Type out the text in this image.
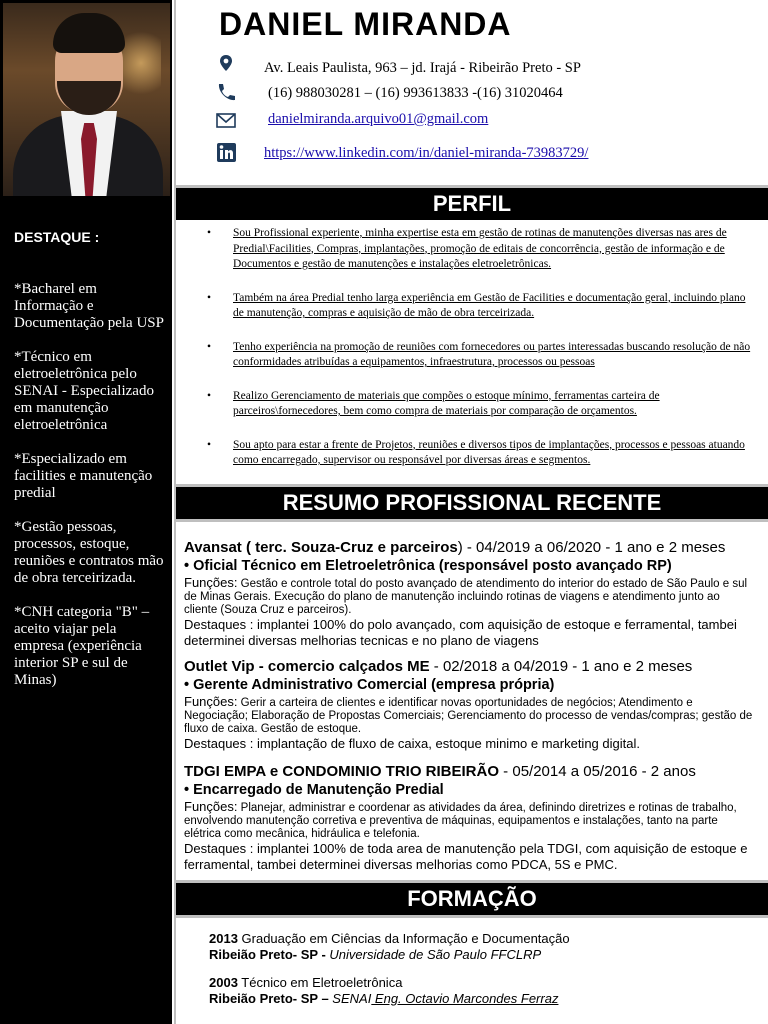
DESTAQUE :
*Bacharel em Informação e Documentação pela USP
*Técnico em eletroeletrônica pelo SENAI - Especializado em manutenção eletroeletrônica
*Especializado em facilities e manutenção predial
*Gestão pessoas, processos, estoque, reuniões e contratos mão de obra terceirizada.
*CNH categoria "B" – aceito viajar pela empresa (experiência interior SP e sul de Minas)
DANIEL MIRANDA
Av. Leais Paulista, 963 – jd. Irajá - Ribeirão Preto - SP
(16) 988030281 – (16) 993613833 -(16) 31020464
danielmiranda.arquivo01@gmail.com
https://www.linkedin.com/in/daniel-miranda-73983729/
PERFIL
• Sou Profissional experiente, minha expertise esta em gestão de rotinas de manutenções diversas nas ares de Predial\Facilities, Compras, implantações, promoção de editais de concorrência, gestão de informação e de Documentos e gestão de manutenções e instalações eletroeletrônicas.
• Também na área Predial tenho larga experiência em Gestão de Facilities e documentação geral, incluindo plano de manutenção, compras e aquisição de mão de obra terceirizada.
• Tenho experiência na promoção de reuniões com fornecedores ou partes interessadas buscando resolução de não conformidades atribuídas a equipamentos, infraestrutura, processos ou pessoas
• Realizo Gerenciamento de materiais que compões o estoque mínimo, ferramentas carteira de parceiros\fornecedores, bem como compra de materiais por comparação de orçamentos.
• Sou apto para estar a frente de Projetos, reuniões e diversos tipos de implantações, processos e pessoas atuando como encarregado, supervisor ou responsável por diversas áreas e segmentos.
RESUMO PROFISSIONAL RECENTE
Avansat ( terc. Souza-Cruz e parceiros) - 04/2019 a 06/2020 - 1 ano e 2 meses
• Oficial Técnico em Eletroeletrônica (responsável posto avançado RP)
Funções: Gestão e controle total do posto avançado de atendimento do interior do estado de São Paulo e sul de Minas Gerais. Execução do plano de manutenção incluindo rotinas de viagens e atendimento junto ao cliente (Souza Cruz e parceiros).
Destaques : implantei 100% do polo avançado, com aquisição de estoque e ferramental, tambei determinei diversas melhorias tecnicas e no plano de viagens
Outlet Vip - comercio calçados ME - 02/2018 a 04/2019 - 1 ano e 2 meses
• Gerente Administrativo Comercial (empresa própria)
Funções: Gerir a carteira de clientes e identificar novas oportunidades de negócios; Atendimento e Negociação; Elaboração de Propostas Comerciais; Gerenciamento do processo de vendas/compras; gestão de fluxo de caixa. Gestão de estoque.
Destaques : implantação de fluxo de caixa, estoque minimo e marketing digital.
TDGI EMPA e CONDOMINIO TRIO RIBEIRÃO - 05/2014 a 05/2016 - 2 anos
• Encarregado de Manutenção Predial
Funções: Planejar, administrar e coordenar as atividades da área, definindo diretrizes e rotinas de trabalho, envolvendo manutenção corretiva e preventiva de máquinas, equipamentos e instalações, tanto na parte elétrica como mecânica, hidráulica e telefonia.
Destaques : implantei 100% de toda area de manutenção pela TDGI, com aquisição de estoque e ferramental, tambei determinei diversas melhorias como PDCA, 5S e PMC.
FORMAÇÃO
2013 Graduação em Ciências da Informação e Documentação
Ribeião Preto- SP - Universidade de São Paulo FFCLRP
2003 Técnico em Eletroeletrônica
Ribeião Preto- SP – SENAI Eng. Octavio Marcondes Ferraz
